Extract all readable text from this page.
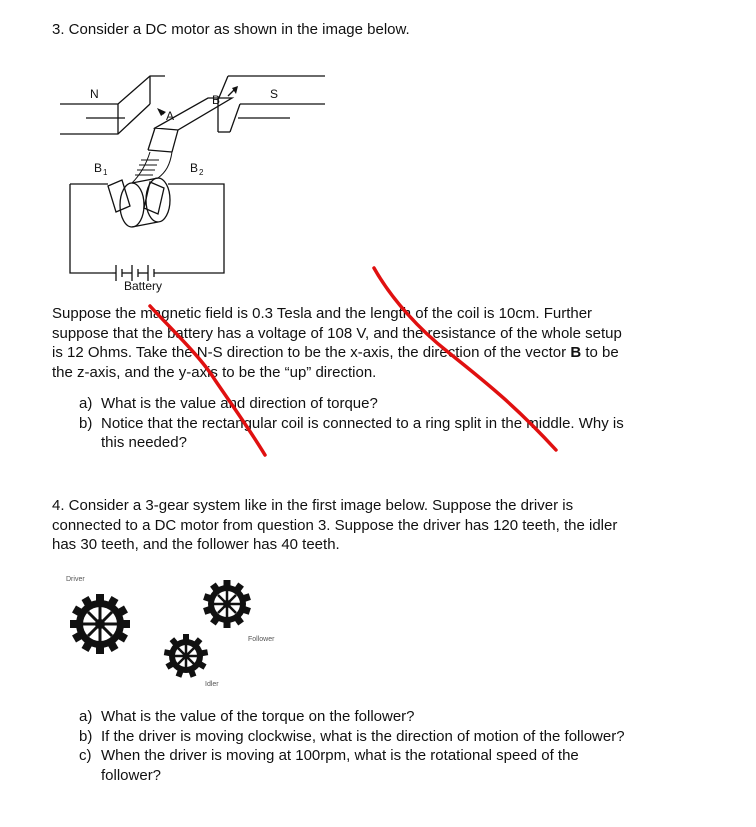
3. Consider a DC motor as shown in the image below.
N
A
B	S
B 1	B 2
Battery
Suppose the magnetic field is 0.3 Tesla and the length of the coil is 10cm. Further
suppose that the battery has a voltage of 108 V, and the resistance of the whole setup
is 12 Ohms. Take the N-S direction to be the x-axis, the direction of the vector B to be
the z-axis, and the y-axis to be the “up” direction.
a) What is the value and direction of torque?
b) Notice that the rectangular coil is connected to a ring split in the middle. Why is
this needed?
4. Consider a 3-gear system like in the first image below. Suppose the driver is
connected to a DC motor from question 3. Suppose the driver has 120 teeth, the idler
has 30 teeth, and the follower has 40 teeth.
Driver
Follower
Idler
a) What is the value of the torque on the follower?
b) If the driver is moving clockwise, what is the direction of motion of the follower?
c) When the driver is moving at 100rpm, what is the rotational speed of the
follower?
